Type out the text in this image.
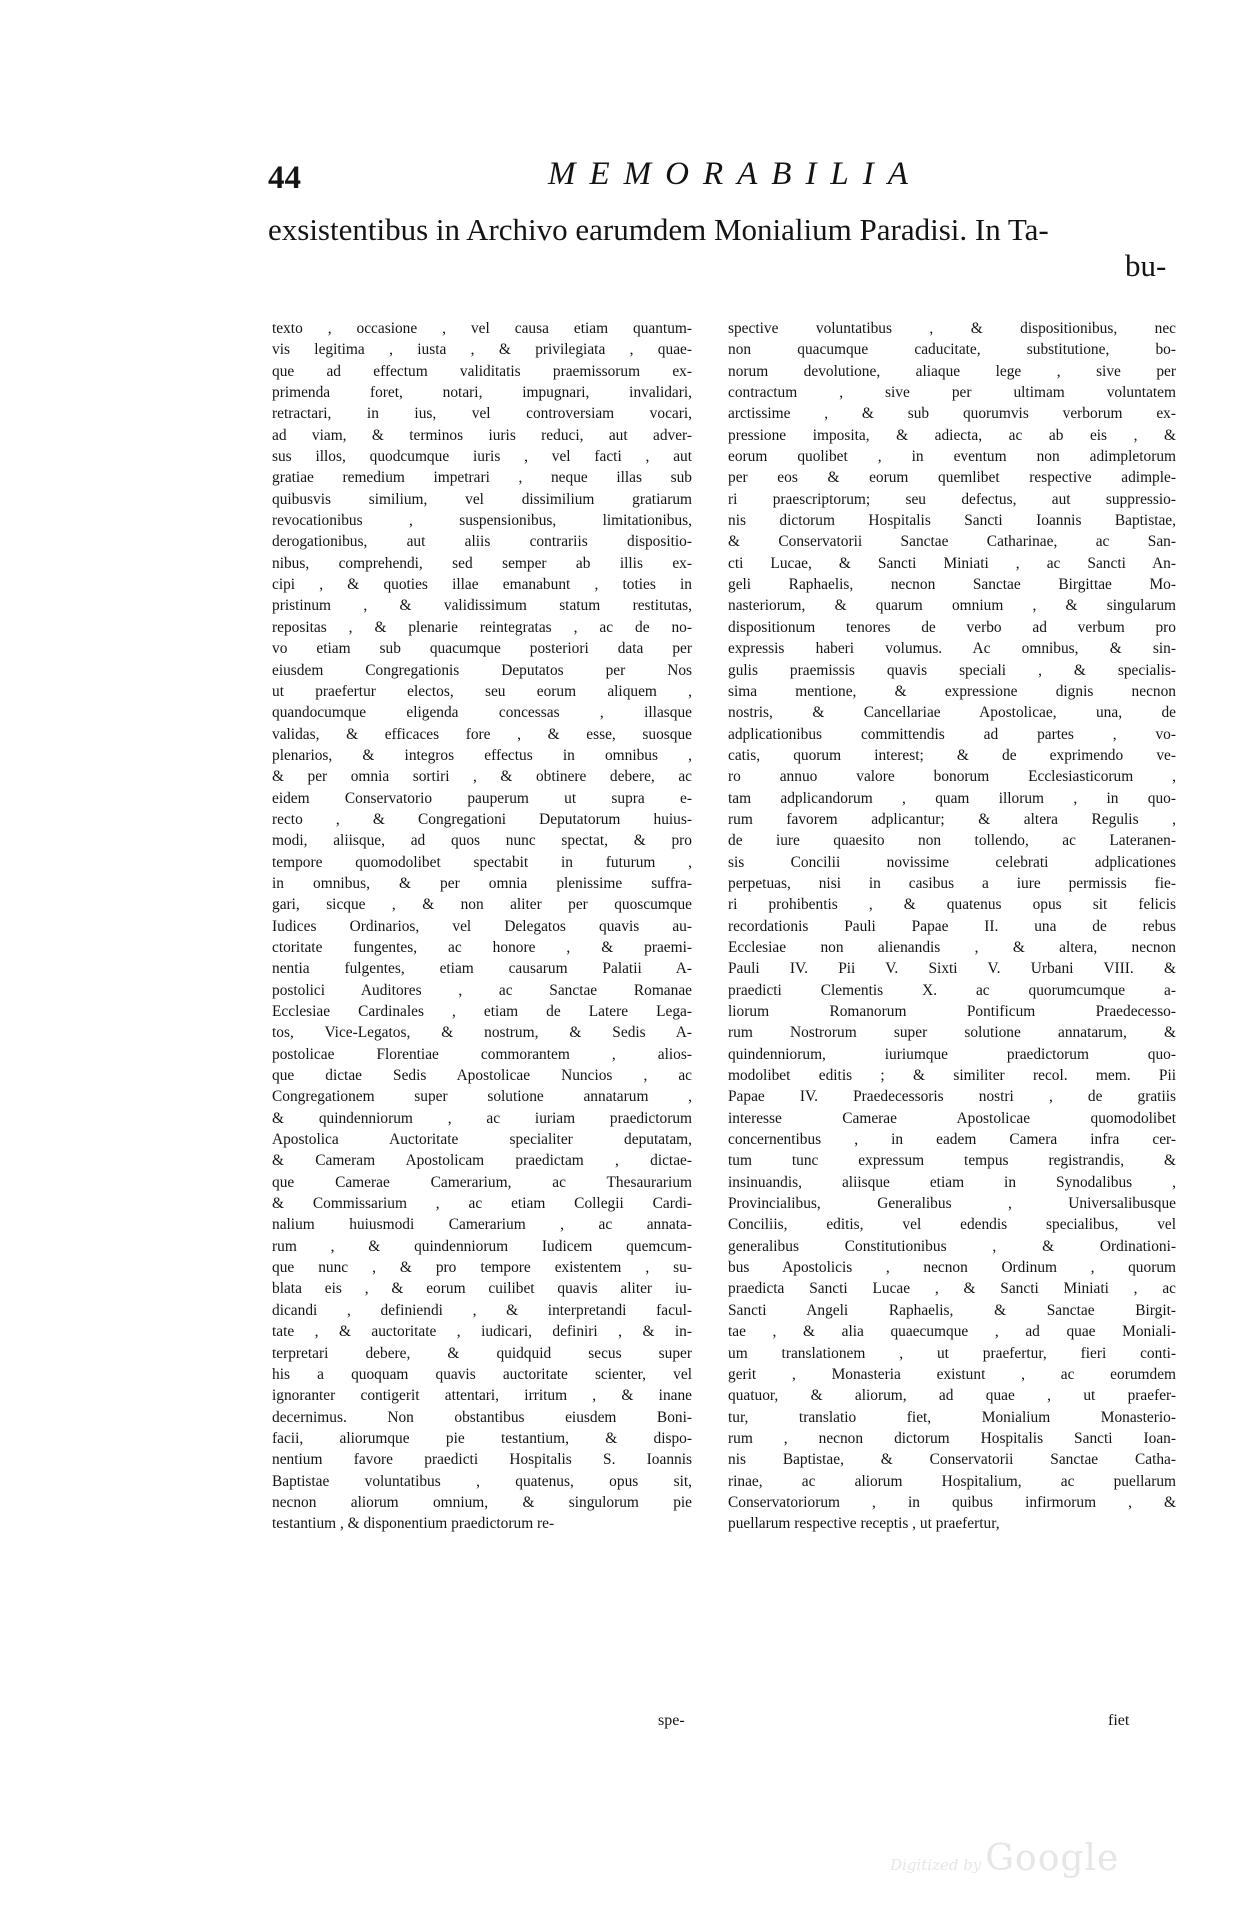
44	MEMORABILIA
exsistentibus in Archivo earumdem Monialium Paradisi. In Ta-
bu-
texto , occasione , vel causa etiam quantum-
vis legitima , iusta , & privilegiata , quae-
que ad effectum validitatis praemissorum ex-
primenda foret, notari, impugnari, invalidari,
retractari, in ius, vel controversiam vocari,
ad viam, & terminos iuris reduci, aut adver-
sus illos, quodcumque iuris , vel facti , aut
gratiae remedium impetrari , neque illas sub
quibusvis similium, vel dissimilium gratiarum
revocationibus , suspensionibus, limitationibus,
derogationibus, aut aliis contrariis dispositio-
nibus, comprehendi, sed semper ab illis ex-
cipi , & quoties illae emanabunt , toties in
pristinum , & validissimum statum restitutas,
repositas , & plenarie reintegratas , ac de no-
vo etiam sub quacumque posteriori data per
eiusdem Congregationis Deputatos per Nos
ut praefertur electos, seu eorum aliquem ,
quandocumque eligenda concessas , illasque
validas, & efficaces fore , & esse, suosque
plenarios, & integros effectus in omnibus ,
& per omnia sortiri , & obtinere debere, ac
eidem Conservatorio pauperum ut supra e-
recto , & Congregationi Deputatorum huius-
modi, aliisque, ad quos nunc spectat, & pro
tempore quomodolibet spectabit in futurum ,
in omnibus, & per omnia plenissime suffra-
gari, sicque , & non aliter per quoscumque
Iudices Ordinarios, vel Delegatos quavis au-
ctoritate fungentes, ac honore , & praemi-
nentia fulgentes, etiam causarum Palatii A-
postolici Auditores , ac Sanctae Romanae
Ecclesiae Cardinales , etiam de Latere Lega-
tos, Vice-Legatos, & nostrum, & Sedis A-
postolicae Florentiae commorantem , alios-
que dictae Sedis Apostolicae Nuncios , ac
Congregationem super solutione annatarum ,
& quindenniorum , ac iuriam praedictorum
Apostolica Auctoritate specialiter deputatam,
& Cameram Apostolicam praedictam , dictae-
que Camerae Camerarium, ac Thesaurarium
& Commissarium , ac etiam Collegii Cardi-
nalium huiusmodi Camerarium , ac annata-
rum , & quindenniorum Iudicem quemcum-
que nunc , & pro tempore existentem , su-
blata eis , & eorum cuilibet quavis aliter iu-
dicandi , definiendi , & interpretandi facul-
tate , & auctoritate , iudicari, definiri , & in-
terpretari debere, & quidquid secus super
his a quoquam quavis auctoritate scienter, vel
ignoranter contigerit attentari, irritum , & inane
decernimus. Non obstantibus eiusdem Boni-
facii, aliorumque pie testantium, & dispo-
nentium favore praedicti Hospitalis S. Ioannis
Baptistae voluntatibus , quatenus, opus sit,
necnon aliorum omnium, & singulorum pie
testantium , & disponentium praedictorum re-
spe-
spective voluntatibus , & dispositionibus, nec
non quacumque caducitate, substitutione, bo-
norum devolutione, aliaque lege , sive per
contractum , sive per ultimam voluntatem
arctissime , & sub quorumvis verborum ex-
pressione imposita, & adiecta, ac ab eis , &
eorum quolibet , in eventum non adimpletorum
per eos & eorum quemlibet respective adimple-
ri praescriptorum; seu defectus, aut suppressio-
nis dictorum Hospitalis Sancti Ioannis Baptistae,
& Conservatorii Sanctae Catharinae, ac San-
cti Lucae, & Sancti Miniati , ac Sancti An-
geli Raphaelis, necnon Sanctae Birgittae Mo-
nasteriorum, & quarum omnium , & singularum
dispositionum tenores de verbo ad verbum pro
expressis haberi volumus. Ac omnibus, & sin-
gulis praemissis quavis speciali , & specialis-
sima mentione, & expressione dignis necnon
nostris, & Cancellariae Apostolicae, una, de
adplicationibus committendis ad partes , vo-
catis, quorum interest; & de exprimendo ve-
ro annuo valore bonorum Ecclesiasticorum ,
tam adplicandorum , quam illorum , in quo-
rum favorem adplicantur; & altera Regulis ,
de iure quaesito non tollendo, ac Lateranen-
sis Concilii novissime celebrati adplicationes
perpetuas, nisi in casibus a iure permissis fie-
ri prohibentis , & quatenus opus sit felicis
recordationis Pauli Papae II. una de rebus
Ecclesiae non alienandis , & altera, necnon
Pauli IV. Pii V. Sixti V. Urbani VIII. &
praedicti Clementis X. ac quorumcumque a-
liorum Romanorum Pontificum Praedecesso-
rum Nostrorum super solutione annatarum, &
quindenniorum, iuriumque praedictorum quo-
modolibet editis ; & similiter recol. mem. Pii
Papae IV. Praedecessoris nostri , de gratiis
interesse Camerae Apostolicae quomodolibet
concernentibus , in eadem Camera infra cer-
tum tunc expressum tempus registrandis, &
insinuandis, aliisque etiam in Synodalibus ,
Provincialibus, Generalibus , Universalibusque
Conciliis, editis, vel edendis specialibus, vel
generalibus Constitutionibus , & Ordinationi-
bus Apostolicis , necnon Ordinum , quorum
praedicta Sancti Lucae , & Sancti Miniati , ac
Sancti Angeli Raphaelis, & Sanctae Birgit-
tae , & alia quaecumque , ad quae Moniali-
um translationem , ut praefertur, fieri conti-
gerit , Monasteria existunt , ac eorumdem
quatuor, & aliorum, ad quae , ut praefer-
tur, translatio fiet, Monialium Monasterio-
rum , necnon dictorum Hospitalis Sancti Ioan-
nis Baptistae, & Conservatorii Sanctae Catha-
rinae, ac aliorum Hospitalium, ac puellarum
Conservatoriorum , in quibus infirmorum , &
puellarum respective receptis , ut praefertur,
fiet
Digitized by Google
